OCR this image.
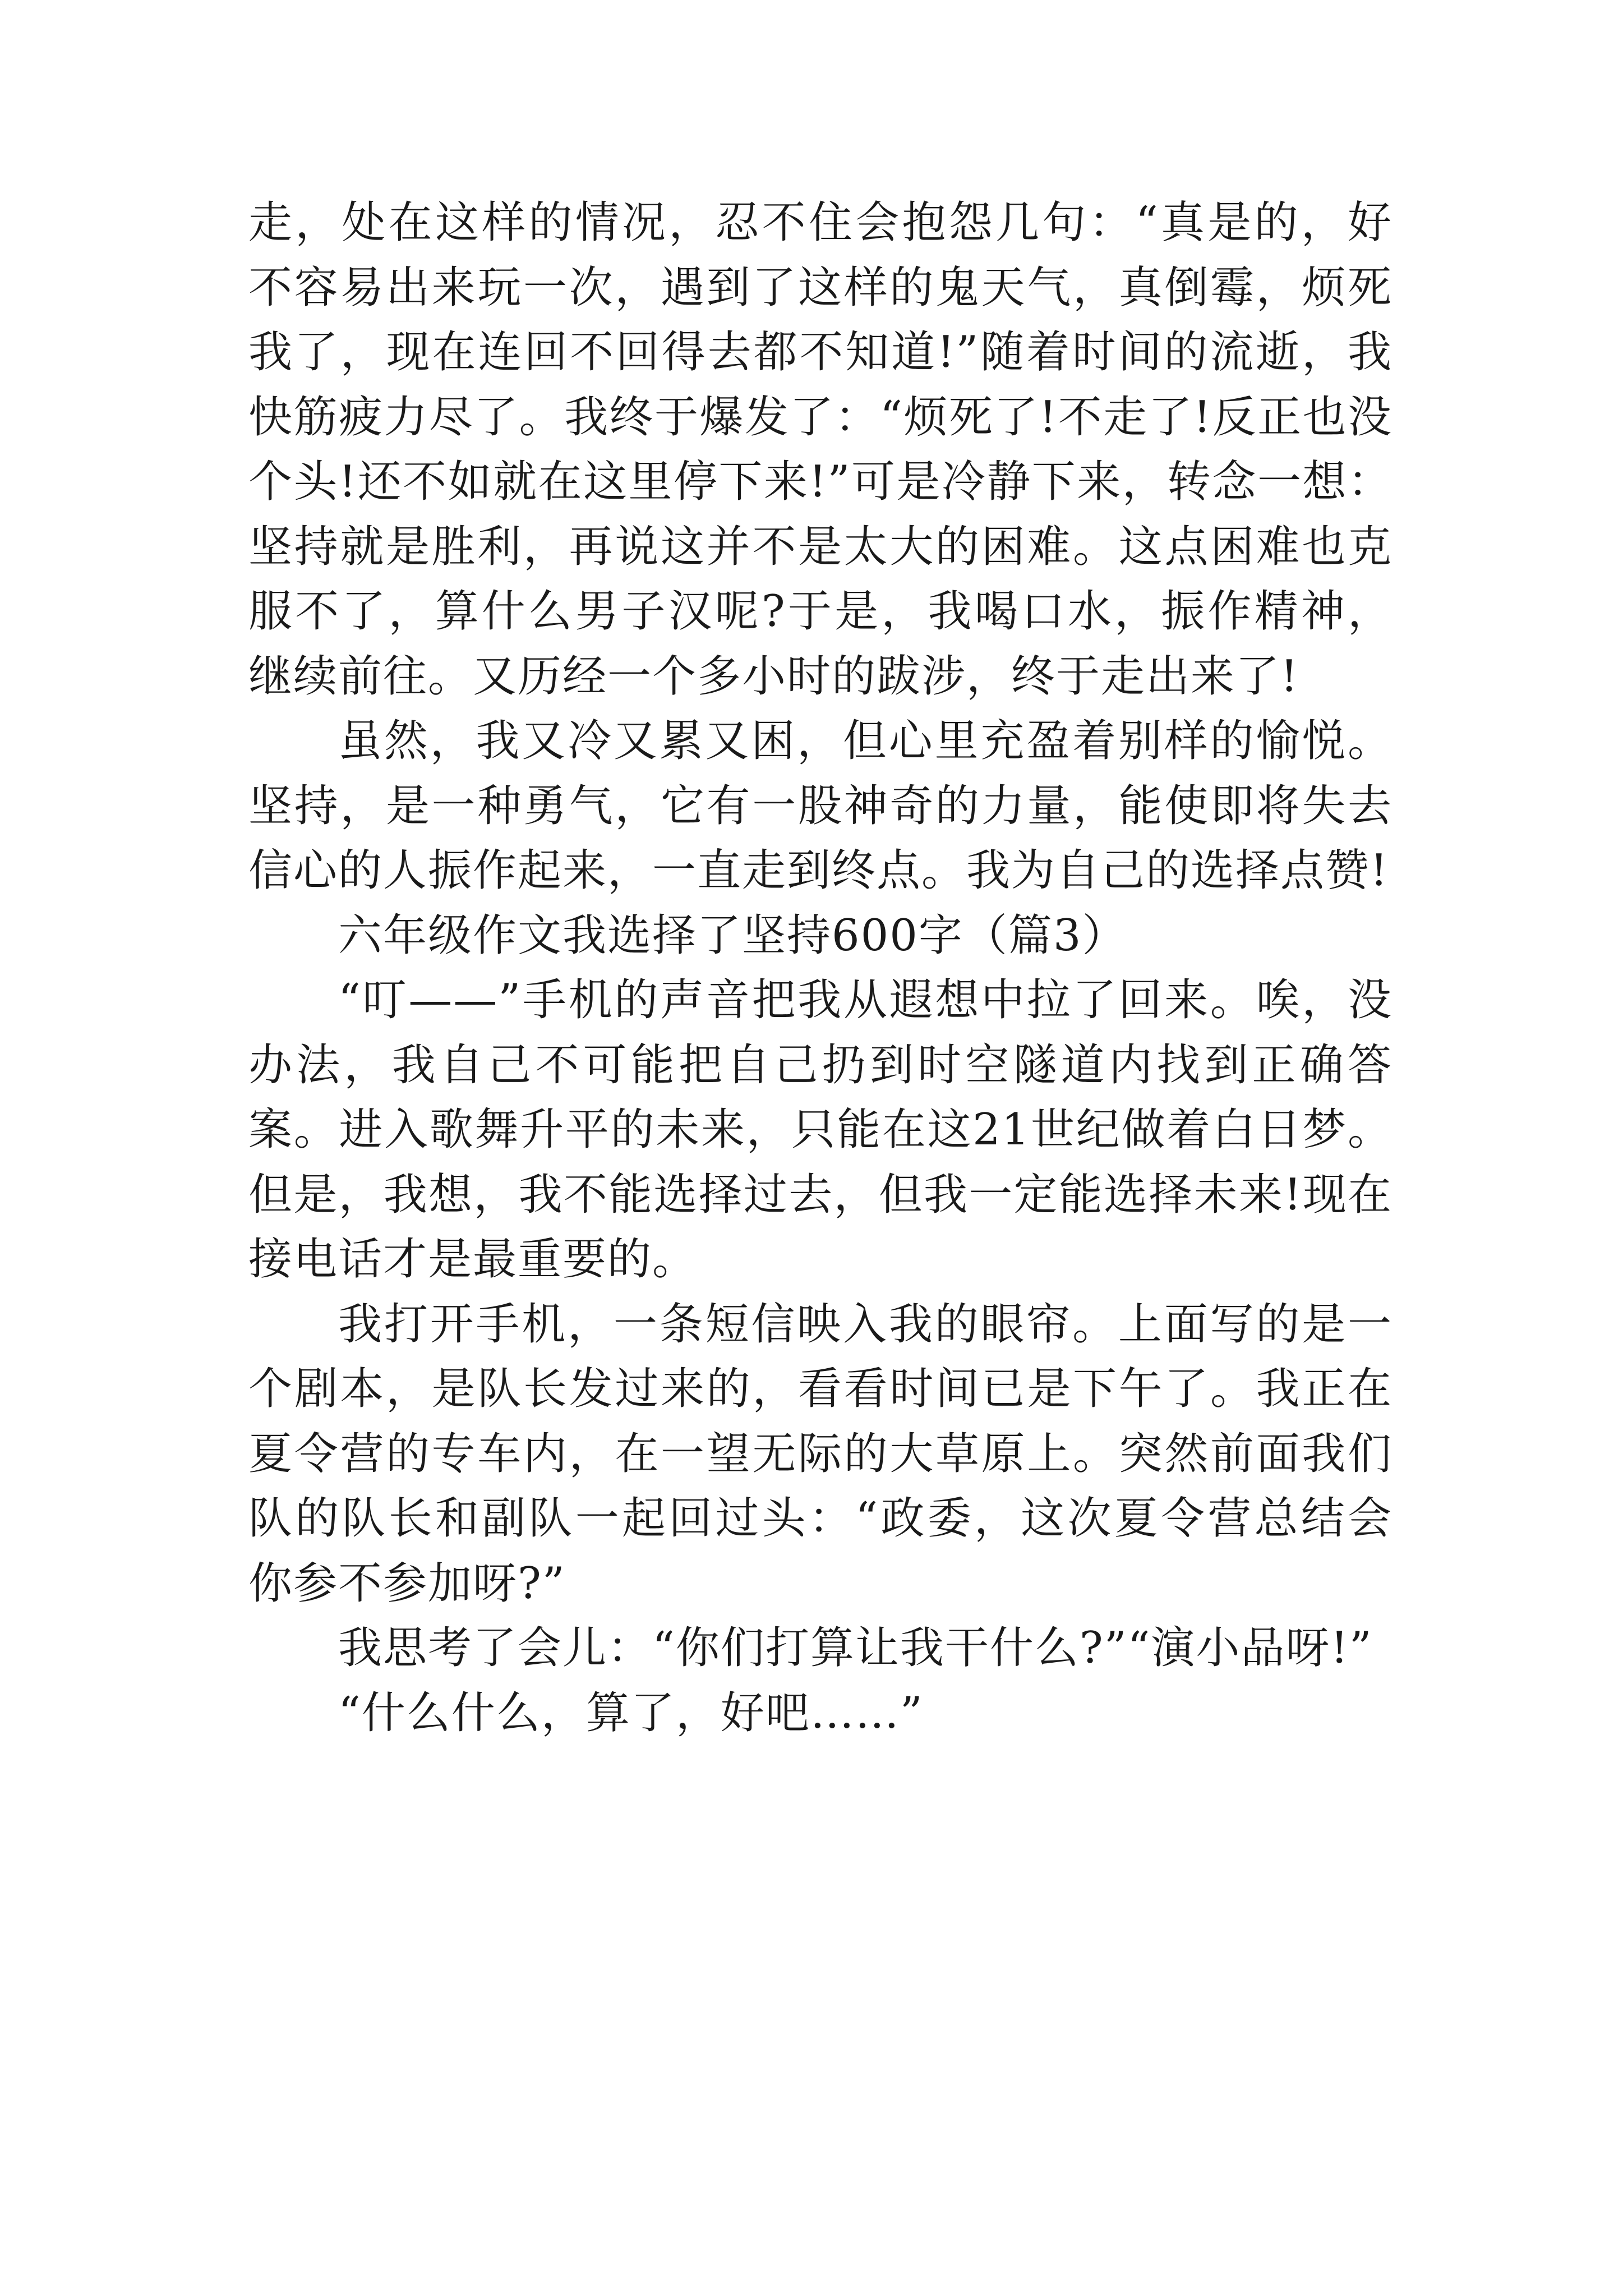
走，处在这样的情况，忍不住会抱怨几句：“真是的，好不容易出来玩一次，遇到了这样的鬼天气，真倒霉，烦死我了，现在连回不回得去都不知道!”随着时间的流逝，我快筋疲力尽了。我终于爆发了：“烦死了!不走了!反正也没个头!还不如就在这里停下来!”可是冷静下来，转念一想：坚持就是胜利，再说这并不是太大的困难。这点困难也克服不了，算什么男子汉呢?于是，我喝口水，振作精神，继续前往。又历经一个多小时的跋涉，终于走出来了!

虽然，我又冷又累又困，但心里充盈着别样的愉悦。坚持，是一种勇气，它有一股神奇的力量，能使即将失去信心的人振作起来，一直走到终点。我为自己的选择点赞!

六年级作文我选择了坚持600字（篇3）

“叮——”手机的声音把我从遐想中拉了回来。唉，没办法，我自己不可能把自己扔到时空隧道内找到正确答案。进入歌舞升平的未来，只能在这21世纪做着白日梦。但是，我想，我不能选择过去，但我一定能选择未来!现在接电话才是最重要的。

我打开手机，一条短信映入我的眼帘。上面写的是一个剧本，是队长发过来的，看看时间已是下午了。我正在夏令营的专车内，在一望无际的大草原上。突然前面我们队的队长和副队一起回过头：“政委，这次夏令营总结会你参不参加呀?”

我思考了会儿：“你们打算让我干什么?”“演小品呀!”

“什么什么，算了，好吧……”
